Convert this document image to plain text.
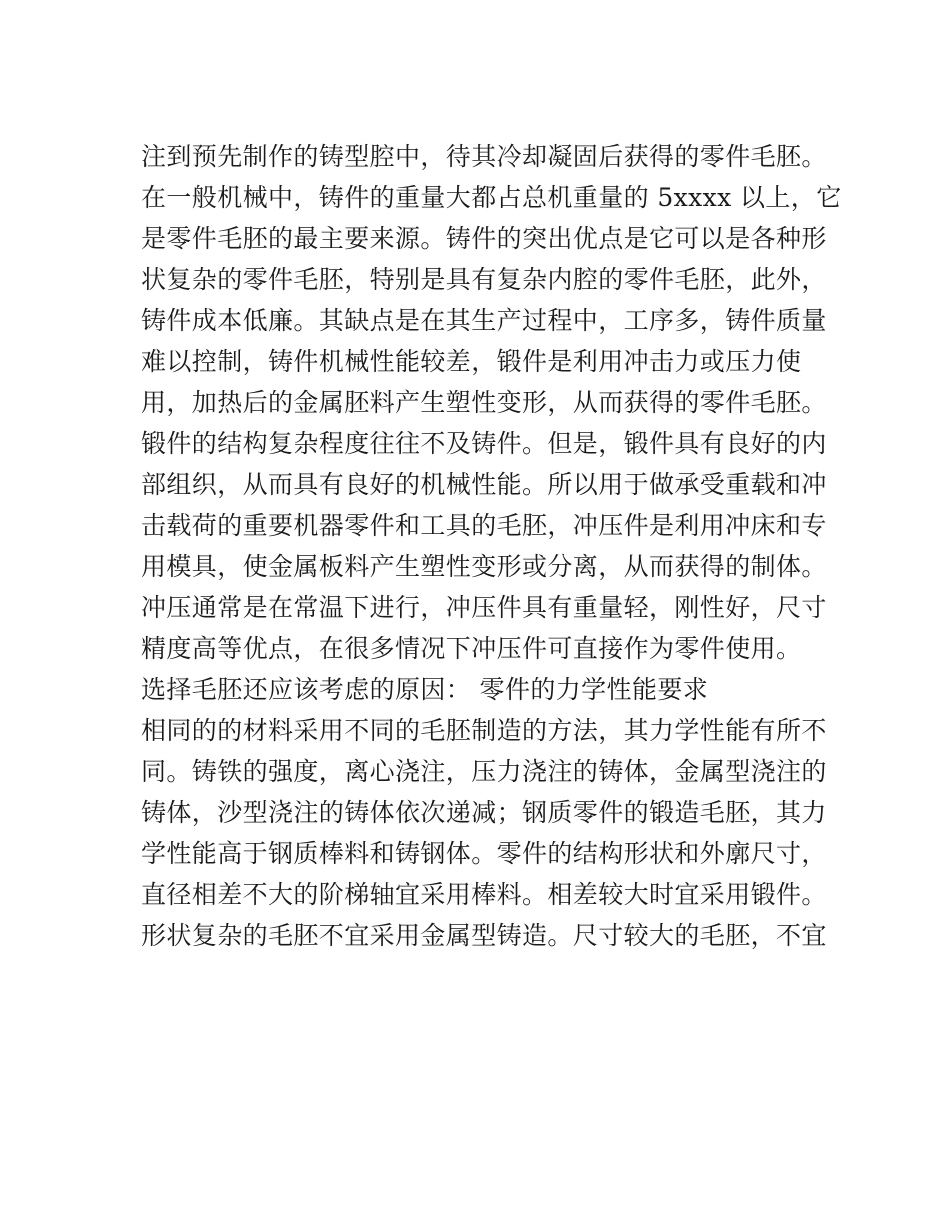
注到预先制作的铸型腔中，待其冷却凝固后获得的零件毛胚。
在一般机械中，铸件的重量大都占总机重量的 5xxxx 以上，它
是零件毛胚的最主要来源。铸件的突出优点是它可以是各种形
状复杂的零件毛胚，特别是具有复杂内腔的零件毛胚，此外，
铸件成本低廉。其缺点是在其生产过程中，工序多，铸件质量
难以控制，铸件机械性能较差，锻件是利用冲击力或压力使
用，加热后的金属胚料产生塑性变形，从而获得的零件毛胚。
锻件的结构复杂程度往往不及铸件。但是，锻件具有良好的内
部组织，从而具有良好的机械性能。所以用于做承受重载和冲
击载荷的重要机器零件和工具的毛胚，冲压件是利用冲床和专
用模具，使金属板料产生塑性变形或分离，从而获得的制体。
冲压通常是在常温下进行，冲压件具有重量轻，刚性好，尺寸
精度高等优点，在很多情况下冲压件可直接作为零件使用。
选择毛胚还应该考虑的原因： 零件的力学性能要求
相同的的材料采用不同的毛胚制造的方法，其力学性能有所不
同。铸铁的强度，离心浇注，压力浇注的铸体，金属型浇注的
铸体，沙型浇注的铸体依次递减；钢质零件的锻造毛胚，其力
学性能高于钢质棒料和铸钢体。零件的结构形状和外廓尺寸，
直径相差不大的阶梯轴宜采用棒料。相差较大时宜采用锻件。
形状复杂的毛胚不宜采用金属型铸造。尺寸较大的毛胚，不宜
